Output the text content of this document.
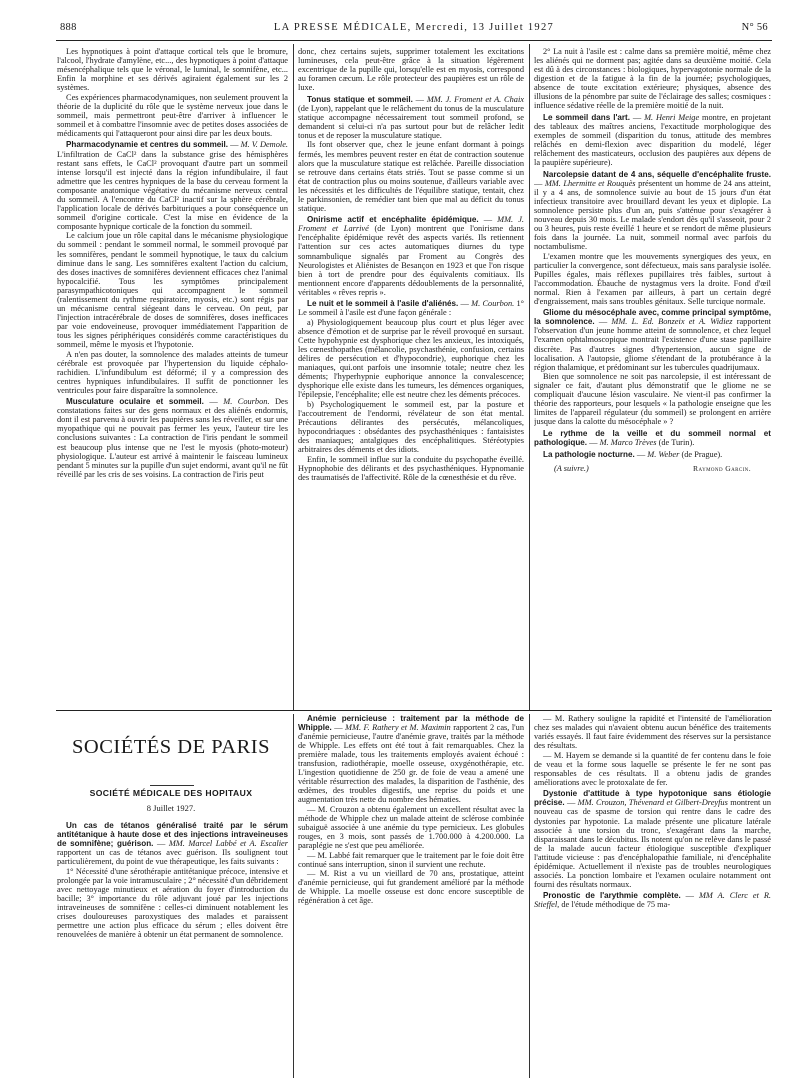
888	LA PRESSE MÉDICALE, Mercredi, 13 Juillet 1927	N° 56

Les hypnotiques à point d'attaque cortical tels que le bromure, l'alcool, l'hydrate d'amylène, etc..., des hypnotiques à point d'attaque mésencéphalique tels que le véronal, le luminal, le somnifène, etc... Enfin la morphine et ses dérivés agiraient également sur les 2 systèmes.

Ces expériences pharmacodynamiques, non seulement prouvent la théorie de la duplicité du rôle que le système nerveux joue dans le sommeil, mais permettront peut-être d'arriver à influencer le sommeil et à combattre l'insomnie avec de petites doses associées de médicaments qui l'attaqueront pour ainsi dire par les deux bouts.

Pharmacodynamie et centres du sommeil. — M. V. Demole. L'infiltration de CaCl² dans la substance grise des hémisphères restant sans effets, le CaCl² provoquant d'autre part un sommeil intense lorsqu'il est injecté dans la région infundibulaire, il faut admettre que les centres hypniques de la base du cerveau forment la composante anatomique végétative du mécanisme nerveux central du sommeil. A l'encontre du CaCl² inactif sur la sphère cérébrale, l'application locale de dérivés barbituriques a pour conséquence un sommeil d'origine corticale. C'est la mise en évidence de la composante hypnique corticale de la fonction du sommeil.

Le calcium joue un rôle capital dans le mécanisme physiologique du sommeil : pendant le sommeil normal, le sommeil provoqué par les somnifères, pendant le sommeil hypnotique, le taux du calcium diminue dans le sang. Les somnifères exaltent l'action du calcium, des doses inactives de somnifères deviennent efficaces chez l'animal hypocalcifié. Tous les symptômes principalement parasympathicotoniques qui accompagnent le sommeil (ralentissement du rythme respiratoire, myosis, etc.) sont régis par un mécanisme central siégeant dans le cerveau. On peut, par l'injection intracérébrale de doses de somnifères, doses inefficaces par voie endoveineuse, provoquer immédiatement l'apparition de tous les signes périphériques considérés comme caractéristiques du sommeil, même le myosis et l'hypotonie.

A n'en pas douter, la somnolence des malades atteints de tumeur cérébrale est provoquée par l'hypertension du liquide céphalo-rachidien. L'infundibulum est déformé; il y a compression des centres hypniques infundibulaires. Il suffit de ponctionner les ventricules pour faire disparaître la somnolence.

Musculature oculaire et sommeil. — M. Courbon. Des constatations faites sur des gens normaux et des aliénés endormis, dont il est parvenu à ouvrir les paupières sans les réveiller, et sur une myopathique qui ne pouvait pas fermer les yeux, l'auteur tire les conclusions suivantes : La contraction de l'iris pendant le sommeil est beaucoup plus intense que ne l'est le myosis (photo-moteur) physiologique. L'auteur est arrivé à maintenir le faisceau lumineux pendant 5 minutes sur la pupille d'un sujet endormi, avant qu'il ne fût réveillé par les cris de ses voisins. La contraction de l'iris peut

donc, chez certains sujets, supprimer totalement les excitations lumineuses, cela peut-être grâce à la situation légèrement excentrique de la pupille qui, lorsqu'elle est en myosis, correspond au foramen cæcum. Le rôle protecteur des paupières est un rôle de luxe.

Tonus statique et sommeil. — MM. J. Froment et A. Chaix (de Lyon), rappelant que le relâchement du tonus de la musculature statique accompagne nécessairement tout sommeil profond, se demandent si celui-ci n'a pas surtout pour but de relâcher ledit tonus et de reposer la musculature statique.

Ils font observer que, chez le jeune enfant dormant à poings fermés, les membres peuvent rester en état de contraction soutenue alors que la musculature statique est relâchée. Pareille dissociation se retrouve dans certains états striés. Tout se passe comme si un état de contraction plus ou moins soutenue, d'ailleurs variable avec les nécessités et les difficultés de l'équilibre statique, tentait, chez le parkinsonien, de remédier tant bien que mal au déficit du tonus statique.

Onirisme actif et encéphalite épidémique. — MM. J. Froment et Larrivé (de Lyon) montrent que l'onirisme dans l'encéphalite épidémique revêt des aspects variés. Ils retiennent l'attention sur ces actes automatiques diurnes du type somnambulique signalés par Froment au Congrès des Neurologistes et Aliénistes de Besançon en 1923 et que l'on risque bien à tort de prendre pour des équivalents comitiaux. Ils mentionnent encore d'apparents dédoublements de la personnalité, véritables « rêves repris ».

Le nuit et le sommeil à l'asile d'aliénés. — M. Courbon. 1° Le sommeil à l'asile est d'une façon générale :

a) Physiologiquement beaucoup plus court et plus léger avec absence d'émotion et de surprise par le réveil provoqué en sursaut. Cette hypohypnie est dysphorique chez les anxieux, les intoxiqués, les cœnesthopathes (mélancolie, psychasthénie, confusion, certains délires de persécution et d'hypocondrie), euphorique chez les maniaques, qui.ont parfois une insomnie totale; neutre chez les déments; l'hyperhypnie euphorique annonce la convalescence; dysphorique elle existe dans les tumeurs, les démences organiques, l'épilepsie, l'encéphalite; elle est neutre chez les déments précoces.

b) Psychologiquement le sommeil est, par la posture et l'accoutrement de l'endormi, révélateur de son état mental. Précautions délirantes des persécutés, mélancoliques, hypocondriaques : obsédantes des psychasthéniques : fantaisistes des maniaques; antalgiques des encéphalitiques. Stéréotypies arbitraires des déments et des idiots.

Enfin, le sommeil influe sur la conduite du psychopathe éveillé. Hypnophobie des délirants et des psychasthéniques. Hypnomanie des traumatisés de l'affectivité. Rôle de la cœnesthésie et du rêve.

2° La nuit à l'asile est : calme dans sa première moitié, même chez les aliénés qui ne dorment pas; agitée dans sa deuxième moitié. Cela est dû à des circonstances : biologiques, hypervagotonie normale de la digestion et de la fatigue à la fin de la journée; psychologiques, absence de toute excitation extérieure; physiques, absence des illusions de la pénombre par suite de l'éclairage des salles; cosmiques : influence sédative réelle de la première moitié de la nuit.

Le sommeil dans l'art. — M. Henri Meige montre, en projetant des tableaux des maîtres anciens, l'exactitude morphologique des exemples de sommeil (disparition du tonus, attitude des membres relâchés en demi-flexion avec disparition du modelé, léger relâchement des masticateurs, occlusion des paupières aux dépens de la paupière supérieure).

Narcolepsie datant de 4 ans, séquelle d'encéphalite fruste. — MM. Lhermitte et Rouquès présentent un homme de 24 ans atteint, il y a 4 ans, de somnolence suivie au bout de 15 jours d'un état infectieux transitoire avec brouillard devant les yeux et diplopie. La somnolence persiste plus d'un an, puis s'atténue pour s'exagérer à nouveau depuis 30 mois. Le malade s'endort dès qu'il s'asseoit, pour 2 ou 3 heures, puis reste éveillé 1 heure et se rendort de même plusieurs fois dans la journée. La nuit, sommeil normal avec parfois du noctambulisme.

L'examen montre que les mouvements synergiques des yeux, en particulier la convergence, sont défectueux, mais sans paralysie isolée. Pupilles égales, mais réflexes pupillaires très faibles, surtout à l'accommodation. Ébauche de nystagmus vers la droite. Fond d'œil normal. Rien à l'examen par ailleurs, à part un certain degré d'engraissement, mais sans troubles génitaux. Selle turcique normale.

Gliome du mésocéphale avec, comme principal symptôme, la somnolence. — MM. L. Ed. Bonzeix et A. Widiez rapportent l'observation d'un jeune homme atteint de somnolence, et chez lequel l'examen ophtalmoscopique montrait l'existence d'une stase papillaire discrète. Pas d'autres signes d'hypertension, aucun signe de localisation. A l'autopsie, gliome s'étendant de la protubérance à la région thalamique, et prédominant sur les tubercules quadrijumaux.

Bien que somnolence ne soit pas narcolepsie, il est intéressant de signaler ce fait, d'autant plus démonstratif que le gliome ne se compliquait d'aucune lésion vasculaire. Ne vient-il pas confirmer la théorie des rapporteurs, pour lesquels « la pathologie enseigne que les limites de l'appareil régulateur (du sommeil) se prolongent en arrière jusque dans la calotte du mésocéphale » ?

Le rythme de la veille et du sommeil normal et pathologique. — M. Marco Trèves (de Turin).

La pathologie nocturne. — M. Weber (de Prague).

(A suivre.)	Raymond Garcin.

SOCIÉTÉS DE PARIS
SOCIÉTÉ MÉDICALE DES HOPITAUX
8 Juillet 1927.

Un cas de tétanos généralisé traité par le sérum antitétanique à haute dose et des injections intraveineuses de somnifène; guérison. — MM. Marcel Labbé et A. Escalier rapportent un cas de tétanos avec guérison. Ils soulignent tout particulièrement, du point de vue thérapeutique, les faits suivants :

1° Nécessité d'une sérothérapie antitétanique précoce, intensive et prolongée par la voie intramusculaire ; 2° nécessité d'un débridement avec nettoyage minutieux et aération du foyer d'introduction du bacille; 3° importance du rôle adjuvant joué par les injections intraveineuses de somnifène : celles-ci diminuent notablement les crises douloureuses paroxystiques des malades et paraissent permettre une action plus efficace du sérum ; elles doivent être renouvelées de manière à obtenir un état permanent de somnolence.

Anémie pernicieuse : traitement par la méthode de Whipple. — MM. F. Rathery et M. Maximin rapportent 2 cas, l'un d'anémie pernicieuse, l'autre d'anémie grave, traités par la méthode de Whipple. Les effets ont été tout à fait remarquables. Chez la première malade, tous les traitements employés avaient échoué : transfusion, radiothérapie, moelle osseuse, oxygénothérapie, etc. L'ingestion quotidienne de 250 gr. de foie de veau a amené une véritable résurrection des malades, la disparition de l'asthénie, des œdèmes, des troubles digestifs, une reprise du poids et une augmentation très nette du nombre des hématies.

— M. Crouzon a obtenu également un excellent résultat avec la méthode de Whipple chez un malade atteint de sclérose combinée subaiguë associée à une anémie du type pernicieux. Les globules rouges, en 3 mois, sont passés de 1.700.000 à 4.200.000. La paraplégie ne s'est que peu améliorée.

— M. Labbé fait remarquer que le traitement par le foie doit être continué sans interruption, sinon il survient une rechute.

— M. Rist a vu un vieillard de 70 ans, prostatique, atteint d'anémie pernicieuse, qui fut grandement amélioré par la méthode de Whipple. La moelle osseuse est donc encore susceptible de régénération à cet âge.

— M. Rathery souligne la rapidité et l'intensité de l'amélioration chez ses malades qui n'avaient obtenu aucun bénéfice des traitements variés essayés. Il faut faire évidemment des réserves sur la persistance des résultats.

— M. Hayem se demande si la quantité de fer contenu dans le foie de veau et la forme sous laquelle se présente le fer ne sont pas responsables de ces résultats. Il a obtenu jadis de grandes améliorations avec le protoxalate de fer.

Dystonie d'attitude à type hypotonique sans étiologie précise. — MM. Crouzon, Thévenard et Gilbert-Dreyfus montrent un nouveau cas de spasme de torsion qui rentre dans le cadre des dystonies par hypotonie. La malade présente une plicature latérale associée à une torsion du tronc, s'exagérant dans la marche, disparaissant dans le décubitus. Ils notent qu'on ne relève dans le passé de la malade aucun facteur étiologique susceptible d'expliquer l'attitude vicieuse : pas d'encéphalopathie familiale, ni d'encéphalite épidémique. Actuellement il n'existe pas de troubles neurologiques associés. La ponction lombaire et l'examen oculaire notamment ont fourni des résultats normaux.

Pronostic de l'arythmie complète. — MM A. Clerc et R. Stieffel, de l'étude méthodique de 75 ma-
